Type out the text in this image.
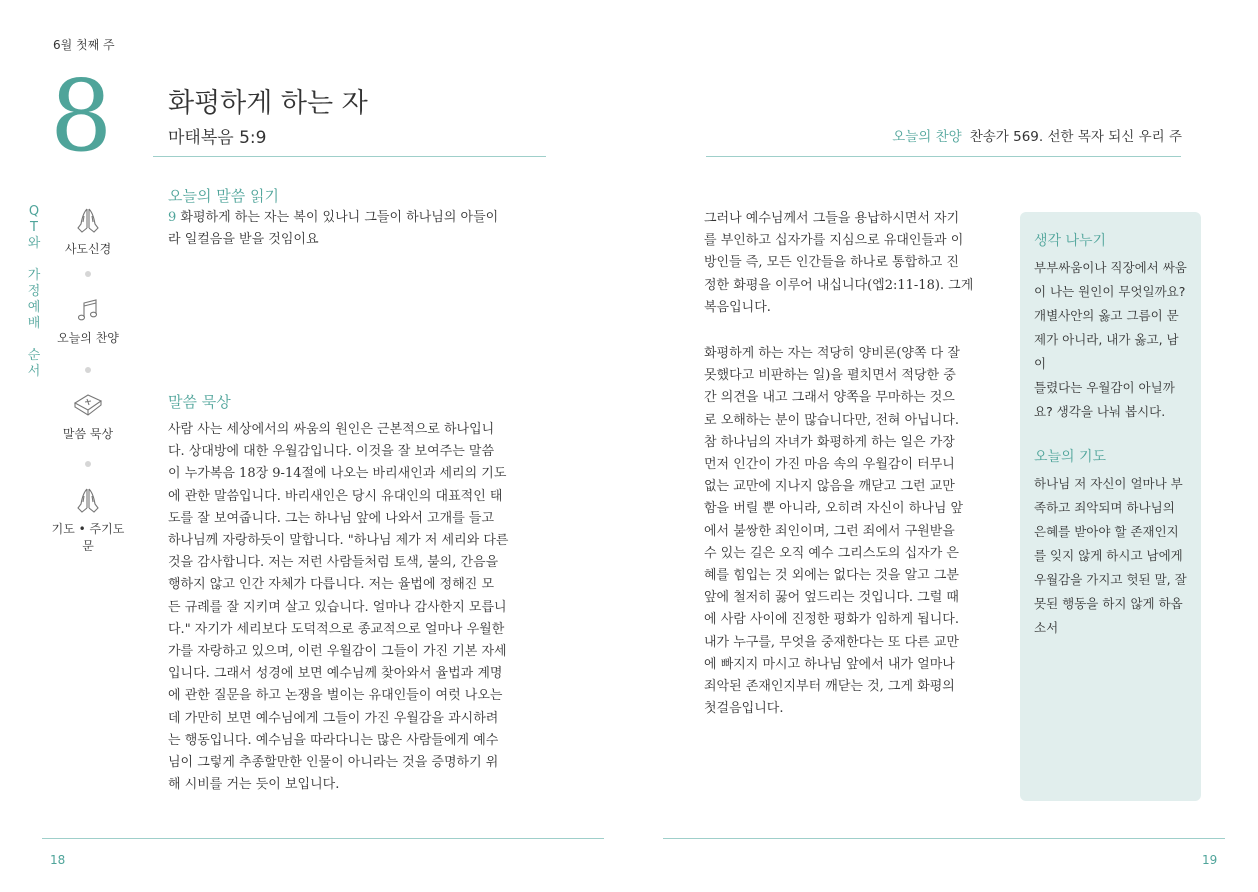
6월 첫째 주
8 화평하게 하는 자
마태복음 5:9	오늘의 찬양 찬송가 569. 선한 목자 되신 우리 주
Q
T
와
가
정
예
배
순
서
사도신경
오늘의 찬양
말씀 묵상
기도 • 주기도문
오늘의 말씀 읽기
9 화평하게 하는 자는 복이 있나니 그들이 하나님의 아들이
라 일컬음을 받을 것임이요
말씀 묵상
사람 사는 세상에서의 싸움의 원인은 근본적으로 하나입니
다. 상대방에 대한 우월감입니다. 이것을 잘 보여주는 말씀
이 누가복음 18장 9-14절에 나오는 바리새인과 세리의 기도
에 관한 말씀입니다. 바리새인은 당시 유대인의 대표적인 태
도를 잘 보여줍니다. 그는 하나님 앞에 나와서 고개를 들고
하나님께 자랑하듯이 말합니다. "하나님 제가 저 세리와 다른
것을 감사합니다. 저는 저런 사람들처럼 토색, 불의, 간음을
행하지 않고 인간 자체가 다릅니다. 저는 율법에 정해진 모
든 규례를 잘 지키며 살고 있습니다. 얼마나 감사한지 모릅니
다." 자기가 세리보다 도덕적으로 종교적으로 얼마나 우월한
가를 자랑하고 있으며, 이런 우월감이 그들이 가진 기본 자세
입니다. 그래서 성경에 보면 예수님께 찾아와서 율법과 계명
에 관한 질문을 하고 논쟁을 벌이는 유대인들이 여럿 나오는
데 가만히 보면 예수님에게 그들이 가진 우월감을 과시하려
는 행동입니다. 예수님을 따라다니는 많은 사람들에게 예수
님이 그렇게 추종할만한 인물이 아니라는 것을 증명하기 위
해 시비를 거는 듯이 보입니다.
그러나 예수님께서 그들을 용납하시면서 자기
를 부인하고 십자가를 지심으로 유대인들과 이
방인들 즉, 모든 인간들을 하나로 통합하고 진
정한 화평을 이루어 내십니다(엡2:11-18). 그게
복음입니다.
화평하게 하는 자는 적당히 양비론(양쪽 다 잘
못했다고 비판하는 일)을 펼치면서 적당한 중
간 의견을 내고 그래서 양쪽을 무마하는 것으
로 오해하는 분이 많습니다만, 전혀 아닙니다.
참 하나님의 자녀가 화평하게 하는 일은 가장
먼저 인간이 가진 마음 속의 우월감이 터무니
없는 교만에 지나지 않음을 깨닫고 그런 교만
함을 버릴 뿐 아니라, 오히려 자신이 하나님 앞
에서 불쌍한 죄인이며, 그런 죄에서 구원받을
수 있는 길은 오직 예수 그리스도의 십자가 은
혜를 힘입는 것 외에는 없다는 것을 알고 그분
앞에 철저히 꿇어 엎드리는 것입니다. 그럴 때
에 사람 사이에 진정한 평화가 임하게 됩니다.
내가 누구를, 무엇을 중재한다는 또 다른 교만
에 빠지지 마시고 하나님 앞에서 내가 얼마나
죄악된 존재인지부터 깨닫는 것, 그게 화평의
첫걸음입니다.
생각 나누기
부부싸움이나 직장에서 싸움
이 나는 원인이 무엇일까요?
개별사안의 옳고 그름이 문
제가 아니라, 내가 옳고, 남이
틀렸다는 우월감이 아닐까
요? 생각을 나눠 봅시다.
오늘의 기도
하나님 저 자신이 얼마나 부
족하고 죄악되며 하나님의
은혜를 받아야 할 존재인지
를 잊지 않게 하시고 남에게
우월감을 가지고 헛된 말, 잘
못된 행동을 하지 않게 하옵
소서
18	19
